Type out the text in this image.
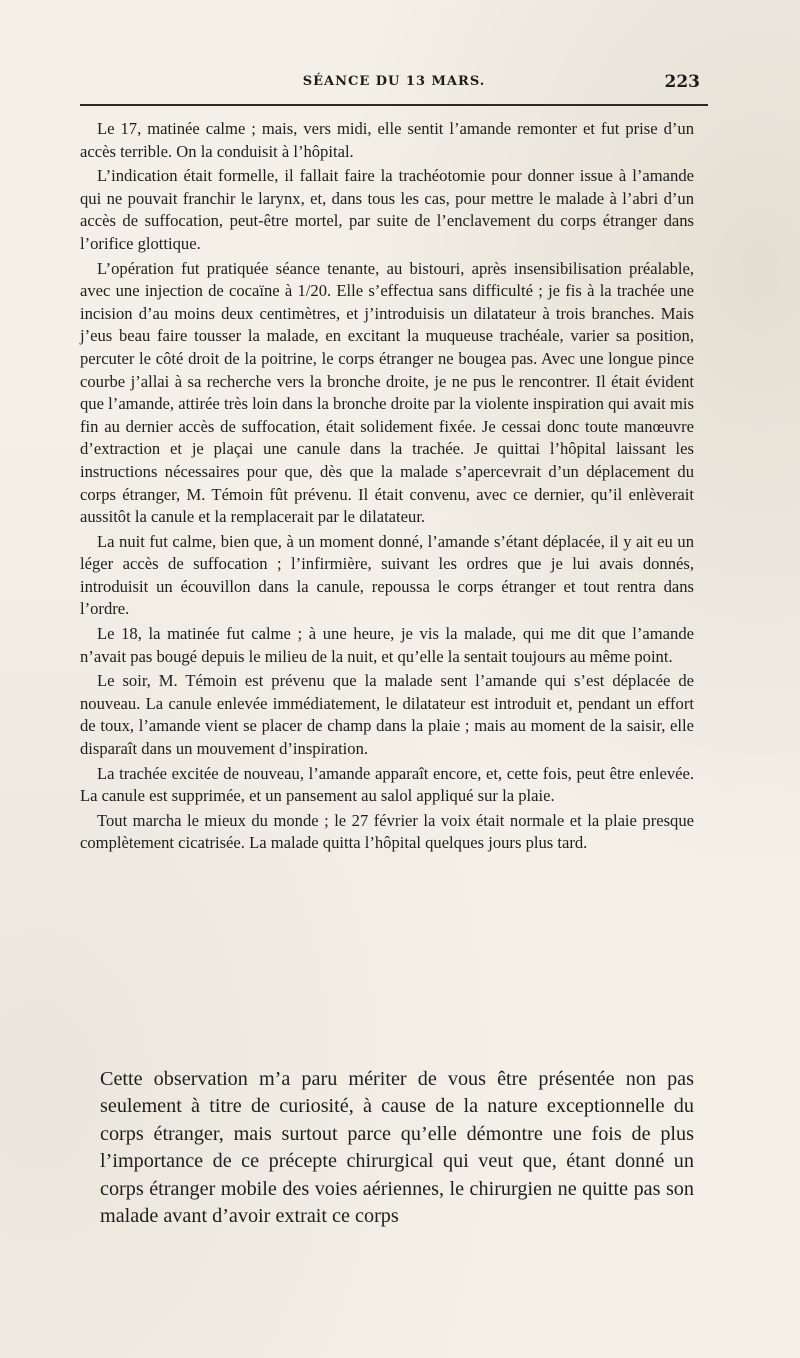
SÉANCE DU 13 MARS.	223

Le 17, matinée calme ; mais, vers midi, elle sentit l’amande remonter et fut prise d’un accès terrible. On la conduisit à l’hôpital.

L’indication était formelle, il fallait faire la trachéotomie pour donner issue à l’amande qui ne pouvait franchir le larynx, et, dans tous les cas, pour mettre le malade à l’abri d’un accès de suffocation, peut-être mortel, par suite de l’enclavement du corps étranger dans l’orifice glottique.

L’opération fut pratiquée séance tenante, au bistouri, après insensibilisation préalable, avec une injection de cocaïne à 1/20. Elle s’effectua sans difficulté ; je fis à la trachée une incision d’au moins deux centimètres, et j’introduisis un dilatateur à trois branches. Mais j’eus beau faire tousser la malade, en excitant la muqueuse trachéale, varier sa position, percuter le côté droit de la poitrine, le corps étranger ne bougea pas. Avec une longue pince courbe j’allai à sa recherche vers la bronche droite, je ne pus le rencontrer. Il était évident que l’amande, attirée très loin dans la bronche droite par la violente inspiration qui avait mis fin au dernier accès de suffocation, était solidement fixée. Je cessai donc toute manœuvre d’extraction et je plaçai une canule dans la trachée. Je quittai l’hôpital laissant les instructions nécessaires pour que, dès que la malade s’apercevrait d’un déplacement du corps étranger, M. Témoin fût prévenu. Il était convenu, avec ce dernier, qu’il enlèverait aussitôt la canule et la remplacerait par le dilatateur.

La nuit fut calme, bien que, à un moment donné, l’amande s’étant déplacée, il y ait eu un léger accès de suffocation ; l’infirmière, suivant les ordres que je lui avais donnés, introduisit un écouvillon dans la canule, repoussa le corps étranger et tout rentra dans l’ordre.

Le 18, la matinée fut calme ; à une heure, je vis la malade, qui me dit que l’amande n’avait pas bougé depuis le milieu de la nuit, et qu’elle la sentait toujours au même point.

Le soir, M. Témoin est prévenu que la malade sent l’amande qui s’est déplacée de nouveau. La canule enlevée immédiatement, le dilatateur est introduit et, pendant un effort de toux, l’amande vient se placer de champ dans la plaie ; mais au moment de la saisir, elle disparaît dans un mouvement d’inspiration.

La trachée excitée de nouveau, l’amande apparaît encore, et, cette fois, peut être enlevée. La canule est supprimée, et un pansement au salol appliqué sur la plaie.

Tout marcha le mieux du monde ; le 27 février la voix était normale et la plaie presque complètement cicatrisée. La malade quitta l’hôpital quelques jours plus tard.

Cette observation m’a paru mériter de vous être présentée non pas seulement à titre de curiosité, à cause de la nature exceptionnelle du corps étranger, mais surtout parce qu’elle démontre une fois de plus l’importance de ce précepte chirurgical qui veut que, étant donné un corps étranger mobile des voies aériennes, le chirurgien ne quitte pas son malade avant d’avoir extrait ce corps
